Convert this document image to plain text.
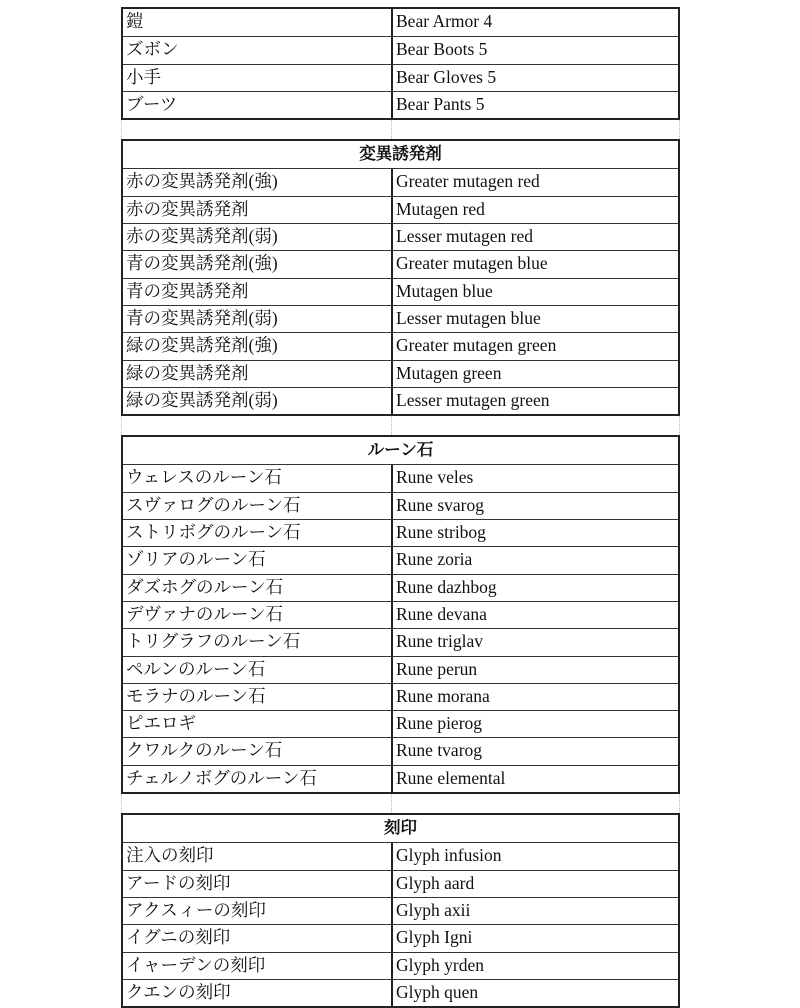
鎧	Bear Armor 4
ズボン	Bear Boots 5
小手	Bear Gloves 5
ブーツ	Bear Pants 5
変異誘発剤
赤の変異誘発剤(強)	Greater mutagen red
赤の変異誘発剤	Mutagen red
赤の変異誘発剤(弱)	Lesser mutagen red
青の変異誘発剤(強)	Greater mutagen blue
青の変異誘発剤	Mutagen blue
青の変異誘発剤(弱)	Lesser mutagen blue
緑の変異誘発剤(強)	Greater mutagen green
緑の変異誘発剤	Mutagen green
緑の変異誘発剤(弱)	Lesser mutagen green
ルーン石
ウェレスのルーン石	Rune veles
スヴァログのルーン石	Rune svarog
ストリボグのルーン石	Rune stribog
ゾリアのルーン石	Rune zoria
ダズホグのルーン石	Rune dazhbog
デヴァナのルーン石	Rune devana
トリグラフのルーン石	Rune triglav
ペルンのルーン石	Rune perun
モラナのルーン石	Rune morana
ピエロギ	Rune pierog
クワルクのルーン石	Rune tvarog
チェルノボグのルーン石	Rune elemental
刻印
注入の刻印	Glyph infusion
アードの刻印	Glyph aard
アクスィーの刻印	Glyph axii
イグニの刻印	Glyph Igni
イャーデンの刻印	Glyph yrden
クエンの刻印	Glyph quen
